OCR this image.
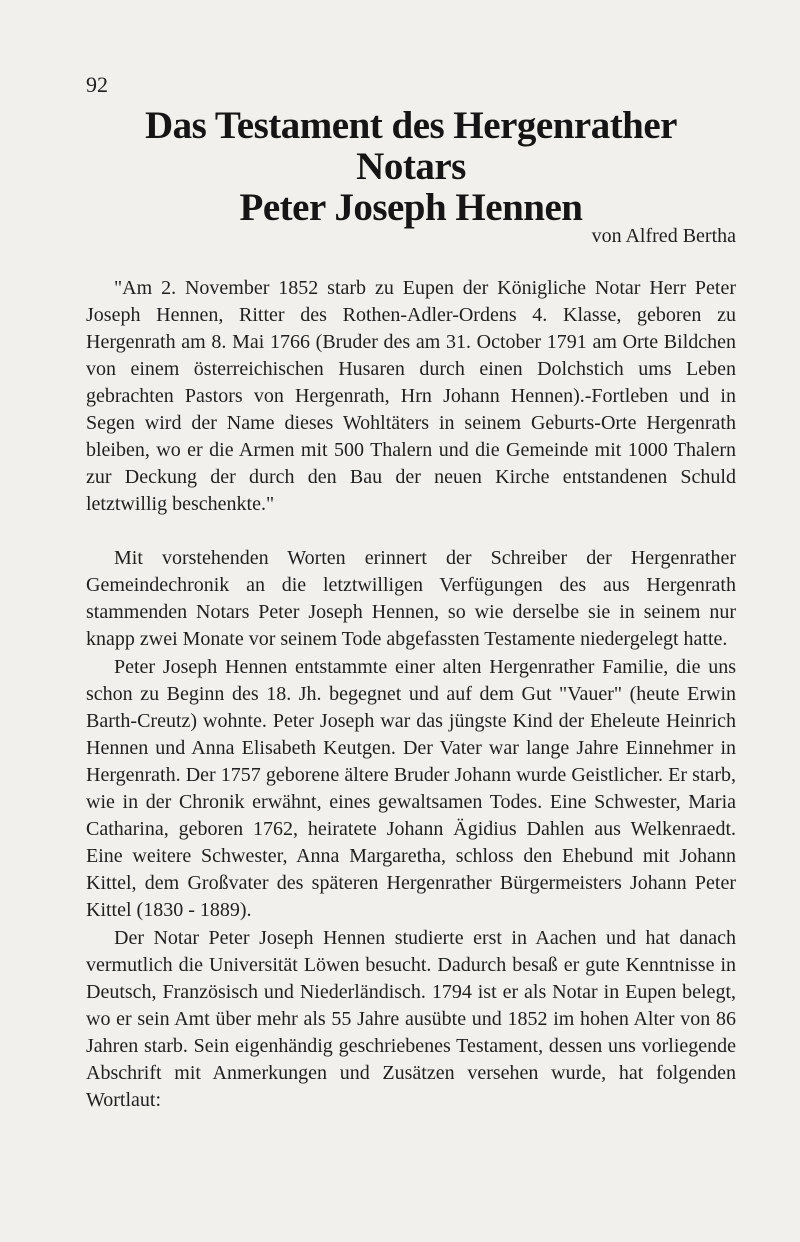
92
Das Testament des Hergenrather Notars
Peter Joseph Hennen
von Alfred Bertha

"Am 2. November 1852 starb zu Eupen der Königliche Notar Herr Peter Joseph Hennen, Ritter des Rothen-Adler-Ordens 4. Klasse, geboren zu Hergenrath am 8. Mai 1766 (Bruder des am 31. October 1791 am Orte Bildchen von einem österreichischen Husaren durch einen Dolchstich ums Leben gebrachten Pastors von Hergenrath, Hrn Johann Hennen).-Fortleben und in Segen wird der Name dieses Wohltäters in seinem Geburts-Orte Hergenrath bleiben, wo er die Armen mit 500 Thalern und die Gemeinde mit 1000 Thalern zur Deckung der durch den Bau der neuen Kirche entstandenen Schuld letztwillig beschenkte."

Mit vorstehenden Worten erinnert der Schreiber der Hergenrather Gemeindechronik an die letztwilligen Verfügungen des aus Hergenrath stammenden Notars Peter Joseph Hennen, so wie derselbe sie in seinem nur knapp zwei Monate vor seinem Tode abgefassten Testamente niedergelegt hatte.

Peter Joseph Hennen entstammte einer alten Hergenrather Familie, die uns schon zu Beginn des 18. Jh. begegnet und auf dem Gut "Vauer" (heute Erwin Barth-Creutz) wohnte. Peter Joseph war das jüngste Kind der Eheleute Heinrich Hennen und Anna Elisabeth Keutgen. Der Vater war lange Jahre Einnehmer in Hergenrath. Der 1757 geborene ältere Bruder Johann wurde Geistlicher. Er starb, wie in der Chronik erwähnt, eines gewaltsamen Todes. Eine Schwester, Maria Catharina, geboren 1762, heiratete Johann Ägidius Dahlen aus Welkenraedt. Eine weitere Schwester, Anna Margaretha, schloss den Ehebund mit Johann Kittel, dem Großvater des späteren Hergenrather Bürgermeisters Johann Peter Kittel (1830 - 1889).

Der Notar Peter Joseph Hennen studierte erst in Aachen und hat danach vermutlich die Universität Löwen besucht. Dadurch besaß er gute Kenntnisse in Deutsch, Französisch und Niederländisch. 1794 ist er als Notar in Eupen belegt, wo er sein Amt über mehr als 55 Jahre ausübte und 1852 im hohen Alter von 86 Jahren starb. Sein eigenhändig geschriebenes Testament, dessen uns vorliegende Abschrift mit Anmerkungen und Zusätzen versehen wurde, hat folgenden Wortlaut:
